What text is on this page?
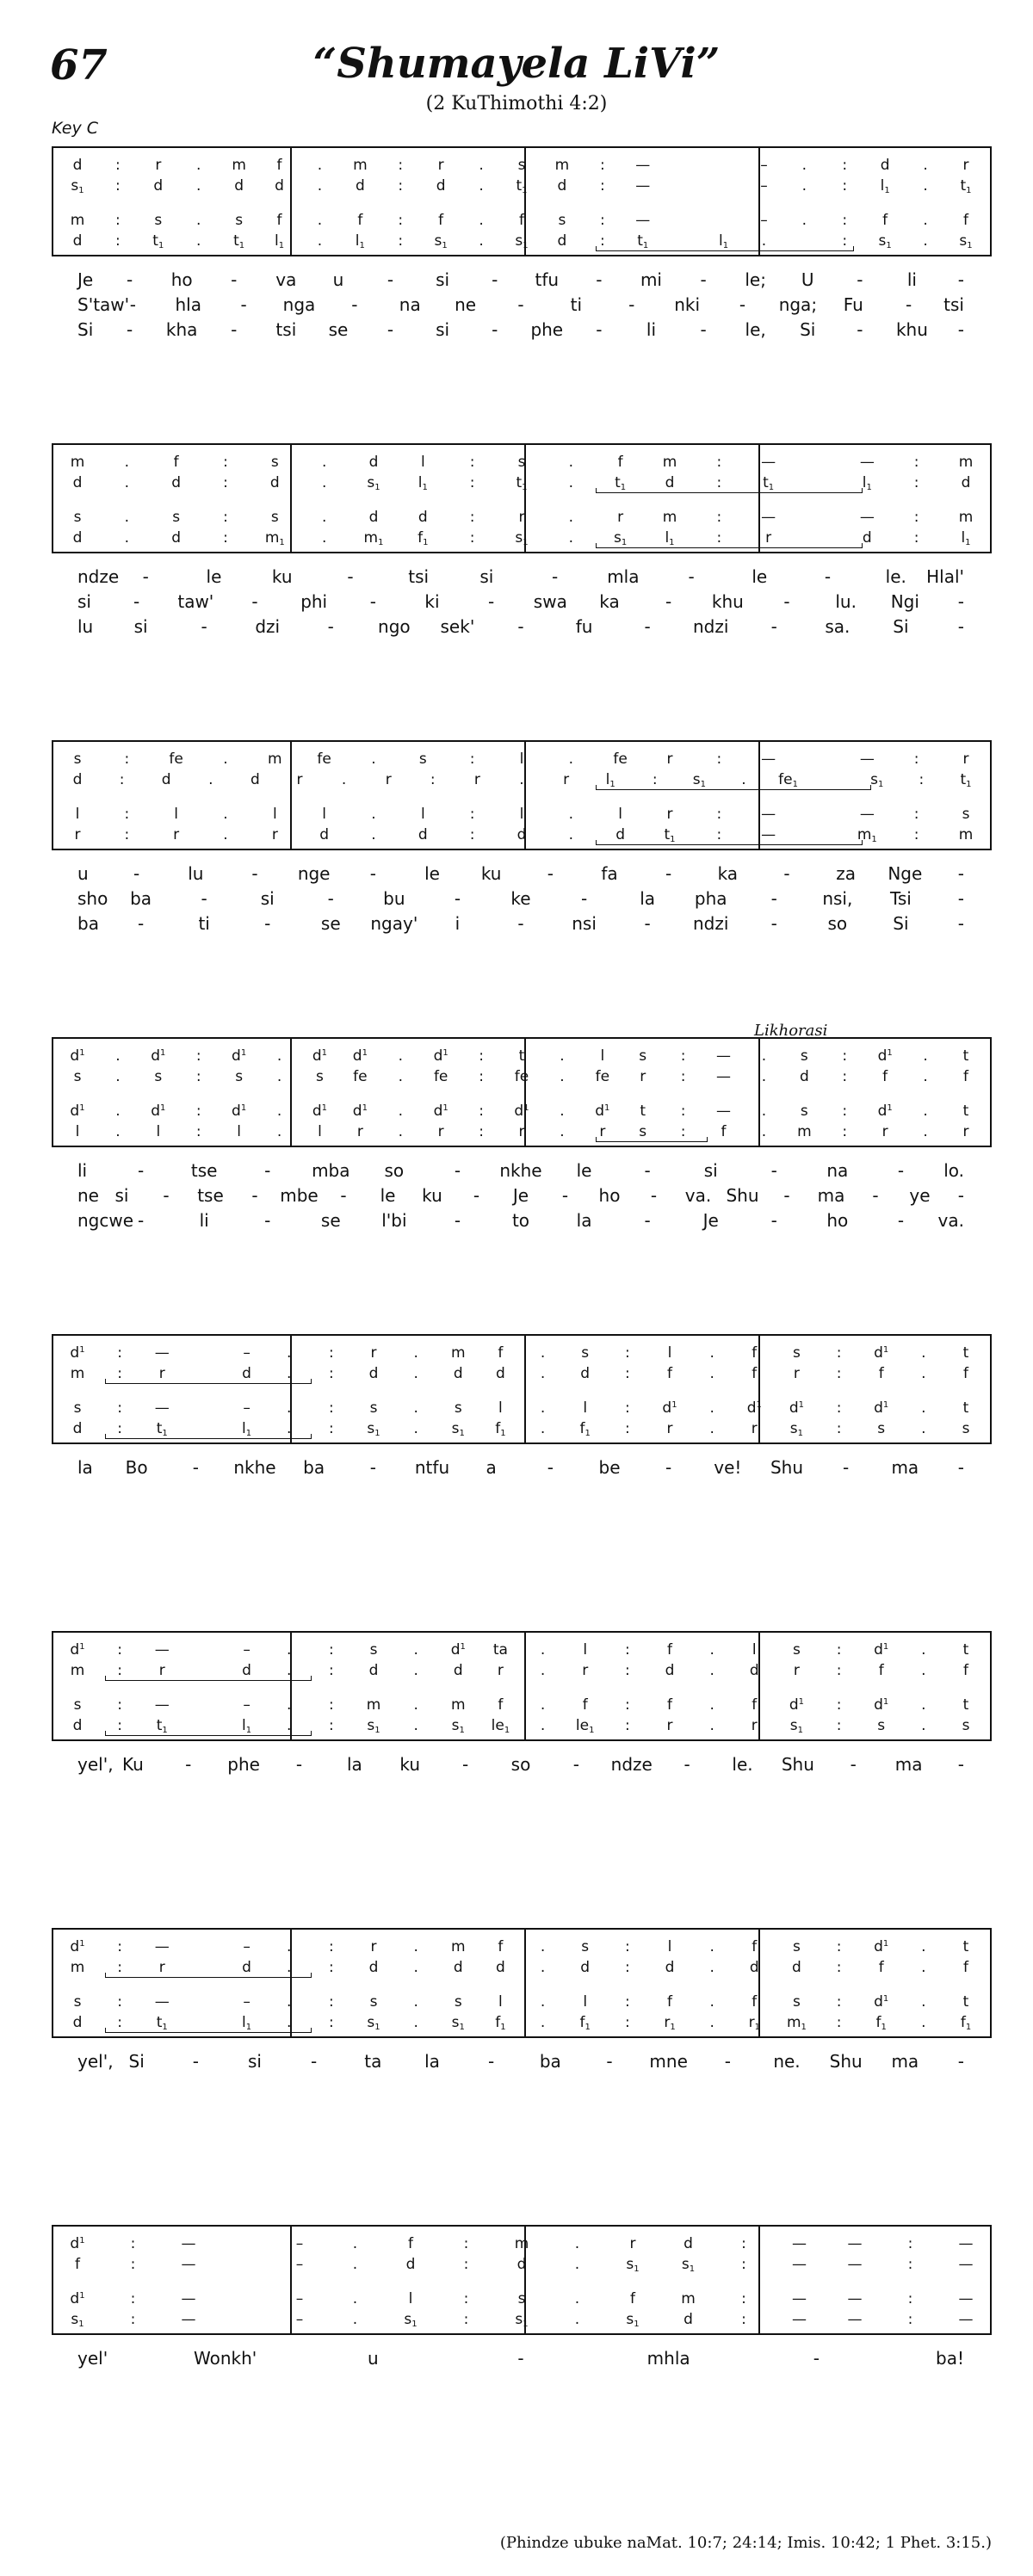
67	“Shumayela LiVi”
(2 KuThimothi 4:2)
Key C
Likhorasi
d	:	r	.	m	f	.	m	:	r	.	s	m	:	—	–	.	:	d	.	r
$s_1$	:	d	.	d	d	.	d	:	d	.	$t_1$	d	:	—	–	.	:	$l_1$	.	$t_1$
m	:	s	.	s	f	.	f	:	f	.	f	s	:	—	–	.	:	f	.	f
d	:	$t_1$	.	$t_1$	$l_1$	.	$l_1$	:	$s_1$	.	$s_1$	d	:	$t_1$	$l_1$	.	:	$s_1$	.	$s_1$
Je - ho - va u	- si - tfu - mi - le; U -	li -
S'taw' - hla - nga - na ne -	ti	- nki - nga; Fu - tsi
Si - kha - tsi se - si - phe -	li	- le, Si - khu -
m	.	f	:	s	.	d	l	:	s	.	f	m	:	—	—	:	m
d	.	d	:	d	.	$s_1$	$l_1$	:	$t_1$	.	$t_1$	d	:	$t_1$	$l_1$	:	d
s	.	s	:	s	.	d	d	:	r	.	r	m	:	—	—	:	m
d	.	d	:	$m_1$	.	$m_1$	$f_1$	:	$s_1$	.	$s_1$	$l_1$	:	r	d	:	$l_1$
ndze -	le	ku	-	tsi	si	-	mla	-	le	-	le. Hlal'
si - taw' - phi -	ki	- swa ka	- khu -	lu. Ngi -
lu si	-	dzi	-	ngo sek'	-	fu	- ndzi -	sa. Si	-
s	:	fe	.	m	fe	.	s	:	l	.	fe	r	:	—	—	:	r
d	:	d	.	d	r	.	r	:	r	.	r	$l_1$	:	$s_1$	.	$fe_1$	$s_1$	:	$t_1$
l	:	l	.	l	l	.	l	:	l	.	l	r	:	—	—	:	s
r	:	r	.	r	d	.	d	:	d	.	d	$t_1$	:	—	$m_1$	:	m
u	-	lu	- nge -	le ku	-	fa	-	ka	-	za Nge -
sho ba	-	si	-	bu	-	ke	-	la pha	-	nsi, Tsi	-
ba -	ti	-	se ngay' i	-	nsi	- ndzi -	so	Si	-
$d^1$	.	$d^1$	:	$d^1$	.	$d^1$	$d^1$	.	$d^1$	:	t	.	l	s	:	—	.	s	:	$d^1$	.	t
s	.	s	:	s	.	s	fe	.	fe	:	fe	.	fe	r	:	—	.	d	:	f	.	f
$d^1$	.	$d^1$	:	$d^1$	.	$d^1$	$d^1$	.	$d^1$	:	$d^1$	.	$d^1$	t	:	—	.	s	:	$d^1$	.	t
l	.	l	:	l	.	l	r	.	r	:	r	.	r	s	:	f	.	m	:	r	.	r
li	-	tse	- mba so	- nkhe le	-	si	-	na	- lo.
ne si - tse - mbe - le ku - Je - ho - va. Shu - ma - ye -
ngcwe -	li	-	se l'bi	-	to	la	-	Je	-	ho	- va.
$d^1$	:	—	–	.	:	r	.	m	f	.	s	:	l	.	f	s	:	$d^1$	.	t
m	:	r	d	.	:	d	.	d	d	.	d	:	f	.	f	r	:	f	.	f
s	:	—	–	.	:	s	.	s	l	.	l	:	$d^1$	.	$d^1$	$d^1$	:	$d^1$	.	t
d	:	$t_1$	$l_1$	.	:	$s_1$	.	$s_1$	$f_1$	.	$f_1$	:	r	.	r	$s_1$	:	s	.	s
la Bo	- nkhe ba	- ntfu a	-	be	- ve! Shu - ma -
$d^1$	:	—	–	.	:	s	.	$d^1$	ta	.	l	:	f	.	l	s	:	$d^1$	.	t
m	:	r	d	.	:	d	.	d	r	.	r	:	d	.	d	r	:	f	.	f
s	:	—	–	.	:	m	.	m	f	.	f	:	f	.	f	$d^1$	:	$d^1$	.	t
d	:	$t_1$	$l_1$	.	:	$s_1$	.	$s_1$	$le_1$	.	$le_1$	:	r	.	r	$s_1$	:	s	.	s
yel', Ku - phe -	la ku - so - ndze - le. Shu - ma -
$d^1$	:	—	–	.	:	r	.	m	f	.	s	:	l	.	f	s	:	$d^1$	.	t
m	:	r	d	.	:	d	.	d	d	.	d	:	d	.	d	d	:	f	.	f
s	:	—	–	.	:	s	.	s	l	.	l	:	f	.	f	s	:	$d^1$	.	t
d	:	$t_1$	$l_1$	.	:	$s_1$	.	$s_1$	$f_1$	.	$f_1$	:	$r_1$	.	$r_1$	$m_1$	:	$f_1$	.	$f_1$
yel', Si	-	si	-	ta la	-	ba	- mne - ne. Shu ma -
$d^1$	:	—	–	.	f	:	m	.	r	d	:	—	—	:	—
f	:	—	–	.	d	:	d	.	$s_1$	$s_1$	:	—	—	:	—
$d^1$	:	—	–	.	l	:	s	.	f	m	:	—	—	:	—
$s_1$	:	—	–	.	$s_1$	:	$s_1$	.	$s_1$	d	:	—	—	:	—
yel'	Wonkh'	u	-	mhla	-	ba!
(Phindze ubuke naMat. 10:7; 24:14; Imis. 10:42; 1 Phet. 3:15.)
